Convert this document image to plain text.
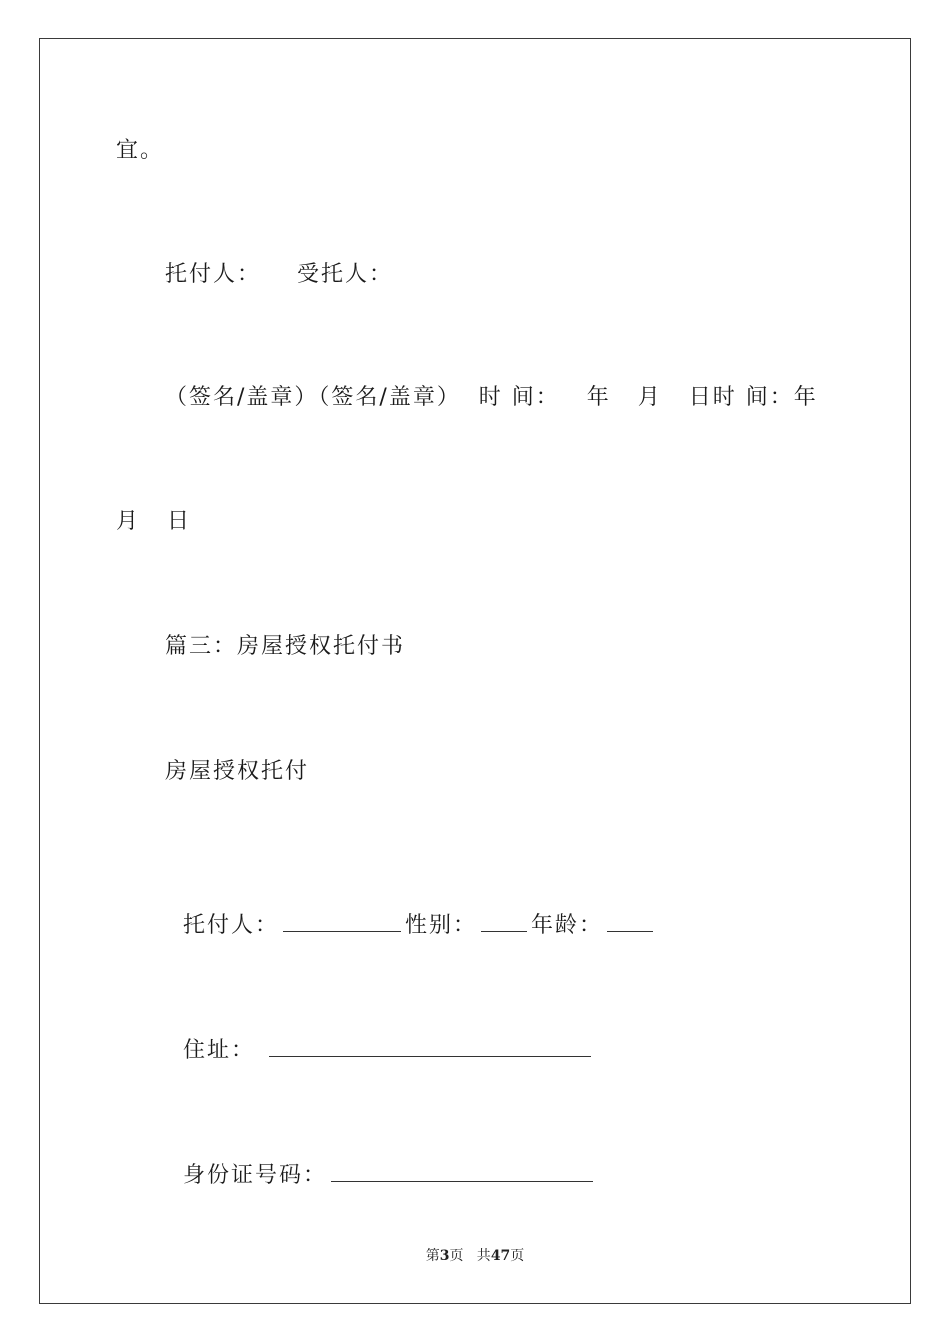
宜。
托付人：    受托人：
（签名/盖章）（签名/盖章）  时 间：   年   月   日时 间：年
月   日
篇三：房屋授权托付书
房屋授权托付

托付人：	性别： 年龄：

住址：

身份证号码：

第3页   共47页
